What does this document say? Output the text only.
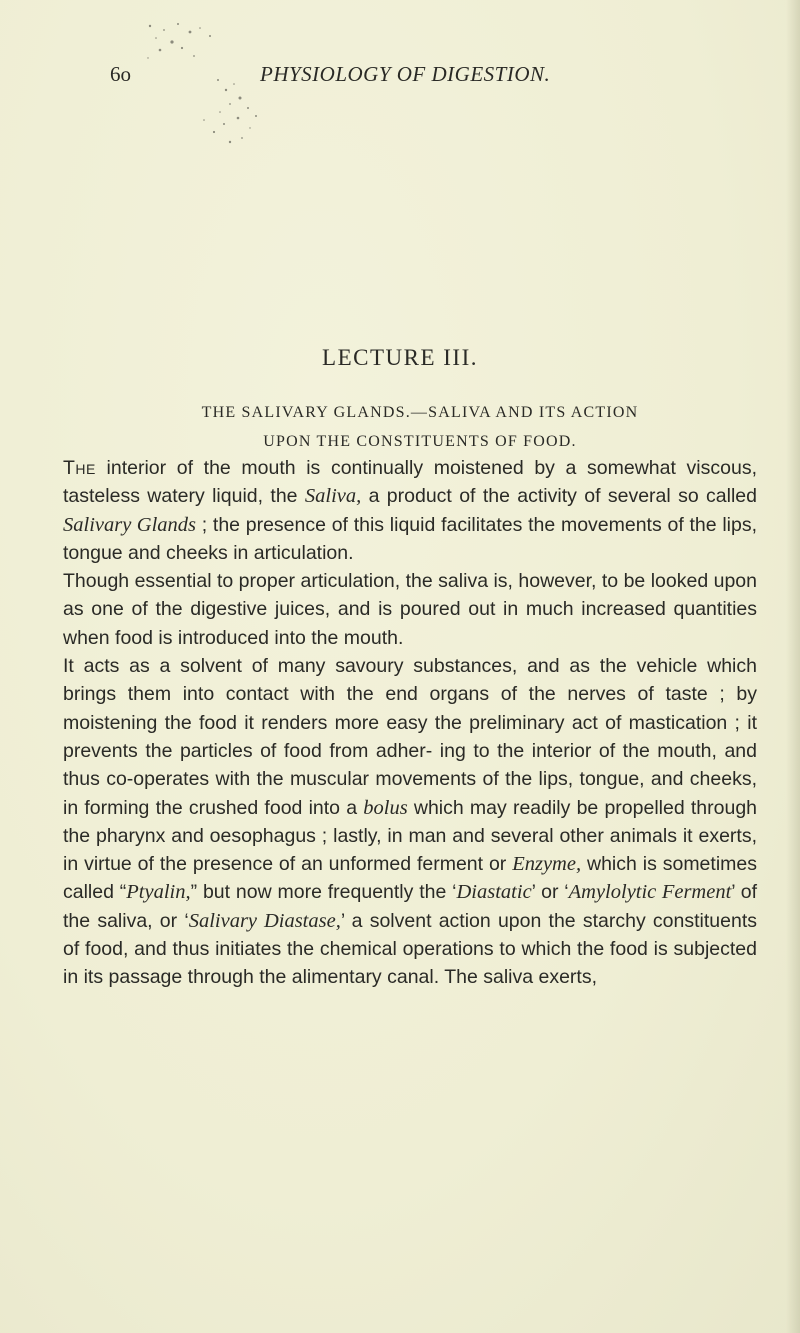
6o	PHYSIOLOGY OF DIGESTION.
LECTURE III.
THE SALIVARY GLANDS.—SALIVA AND ITS ACTION
UPON THE CONSTITUENTS OF FOOD.

The interior of the mouth is continually moistened by a somewhat viscous, tasteless watery liquid, the Saliva, a product of the activity of several so called Salivary Glands ; the presence of this liquid facilitates the movements of the lips, tongue and cheeks in articulation.

Though essential to proper articulation, the saliva is, however, to be looked upon as one of the digestive juices, and is poured out in much increased quantities when food is introduced into the mouth.

It acts as a solvent of many savoury substances, and as the vehicle which brings them into contact with the end organs of the nerves of taste ; by moistening the food it renders more easy the preliminary act of mastication ; it prevents the particles of food from adher- ing to the interior of the mouth, and thus co-operates with the muscular movements of the lips, tongue, and cheeks, in forming the crushed food into a bolus which may readily be propelled through the pharynx and oesophagus ; lastly, in man and several other animals it exerts, in virtue of the presence of an unformed ferment or Enzyme, which is sometimes called “Ptyalin,” but now more frequently the ‘Diastatic’ or ‘Amylolytic Ferment’ of the saliva, or ‘Salivary Diastase,’ a solvent action upon the starchy constituents of food, and thus initiates the chemical operations to which the food is subjected in its passage through the alimentary canal. The saliva exerts,
